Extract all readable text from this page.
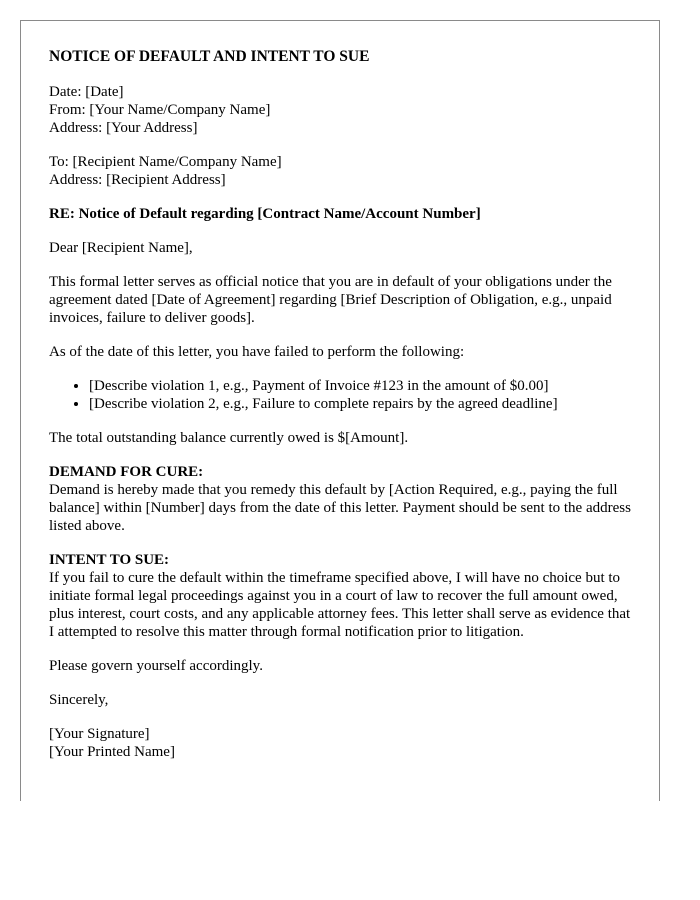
NOTICE OF DEFAULT AND INTENT TO SUE
Date: [Date]
From: [Your Name/Company Name]
Address: [Your Address]
To: [Recipient Name/Company Name]
Address: [Recipient Address]

RE: Notice of Default regarding [Contract Name/Account Number]

Dear [Recipient Name],

This formal letter serves as official notice that you are in default of your obligations under the agreement dated [Date of Agreement] regarding [Brief Description of Obligation, e.g., unpaid invoices, failure to deliver goods].

As of the date of this letter, you have failed to perform the following:

• [Describe violation 1, e.g., Payment of Invoice #123 in the amount of $0.00]
• [Describe violation 2, e.g., Failure to complete repairs by the agreed deadline]

The total outstanding balance currently owed is $[Amount].

DEMAND FOR CURE:
Demand is hereby made that you remedy this default by [Action Required, e.g., paying the full balance] within [Number] days from the date of this letter. Payment should be sent to the address listed above.

INTENT TO SUE:
If you fail to cure the default within the timeframe specified above, I will have no choice but to initiate formal legal proceedings against you in a court of law to recover the full amount owed, plus interest, court costs, and any applicable attorney fees. This letter shall serve as evidence that I attempted to resolve this matter through formal notification prior to litigation.

Please govern yourself accordingly.

Sincerely,

[Your Signature]
[Your Printed Name]
